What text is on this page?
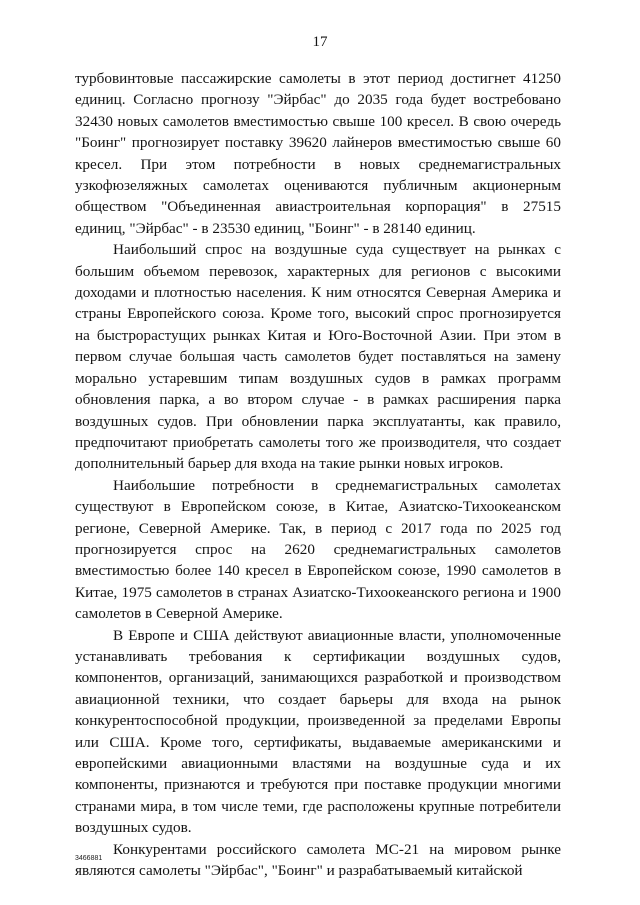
17

турбовинтовые пассажирские самолеты в этот период достигнет 41250 единиц. Согласно прогнозу "Эйрбас" до 2035 года будет востребовано 32430 новых самолетов вместимостью свыше 100 кресел. В свою очередь "Боинг" прогнозирует поставку 39620 лайнеров вместимостью свыше 60 кресел. При этом потребности в новых среднемагистральных узкофюзеляжных самолетах оцениваются публичным акционерным обществом "Объединенная авиастроительная корпорация" в 27515 единиц, "Эйрбас" - в 23530 единиц, "Боинг" - в 28140 единиц.

Наибольший спрос на воздушные суда существует на рынках с большим объемом перевозок, характерных для регионов с высокими доходами и плотностью населения. К ним относятся Северная Америка и страны Европейского союза. Кроме того, высокий спрос прогнозируется на быстрорастущих рынках Китая и Юго-Восточной Азии. При этом в первом случае большая часть самолетов будет поставляться на замену морально устаревшим типам воздушных судов в рамках программ обновления парка, а во втором случае - в рамках расширения парка воздушных судов. При обновлении парка эксплуатанты, как правило, предпочитают приобретать самолеты того же производителя, что создает дополнительный барьер для входа на такие рынки новых игроков.

Наибольшие потребности в среднемагистральных самолетах существуют в Европейском союзе, в Китае, Азиатско-Тихоокеанском регионе, Северной Америке. Так, в период с 2017 года по 2025 год прогнозируется спрос на 2620 среднемагистральных самолетов вместимостью более 140 кресел в Европейском союзе, 1990 самолетов в Китае, 1975 самолетов в странах Азиатско-Тихоокеанского региона и 1900 самолетов в Северной Америке.

В Европе и США действуют авиационные власти, уполномоченные устанавливать требования к сертификации воздушных судов, компонентов, организаций, занимающихся разработкой и производством авиационной техники, что создает барьеры для входа на рынок конкурентоспособной продукции, произведенной за пределами Европы или США. Кроме того, сертификаты, выдаваемые американскими и европейскими авиационными властями на воздушные суда и их компоненты, признаются и требуются при поставке продукции многими странами мира, в том числе теми, где расположены крупные потребители воздушных судов.

Конкурентами российского самолета МС-21 на мировом рынке являются самолеты "Эйрбас", "Боинг" и разрабатываемый китайской

3466881
